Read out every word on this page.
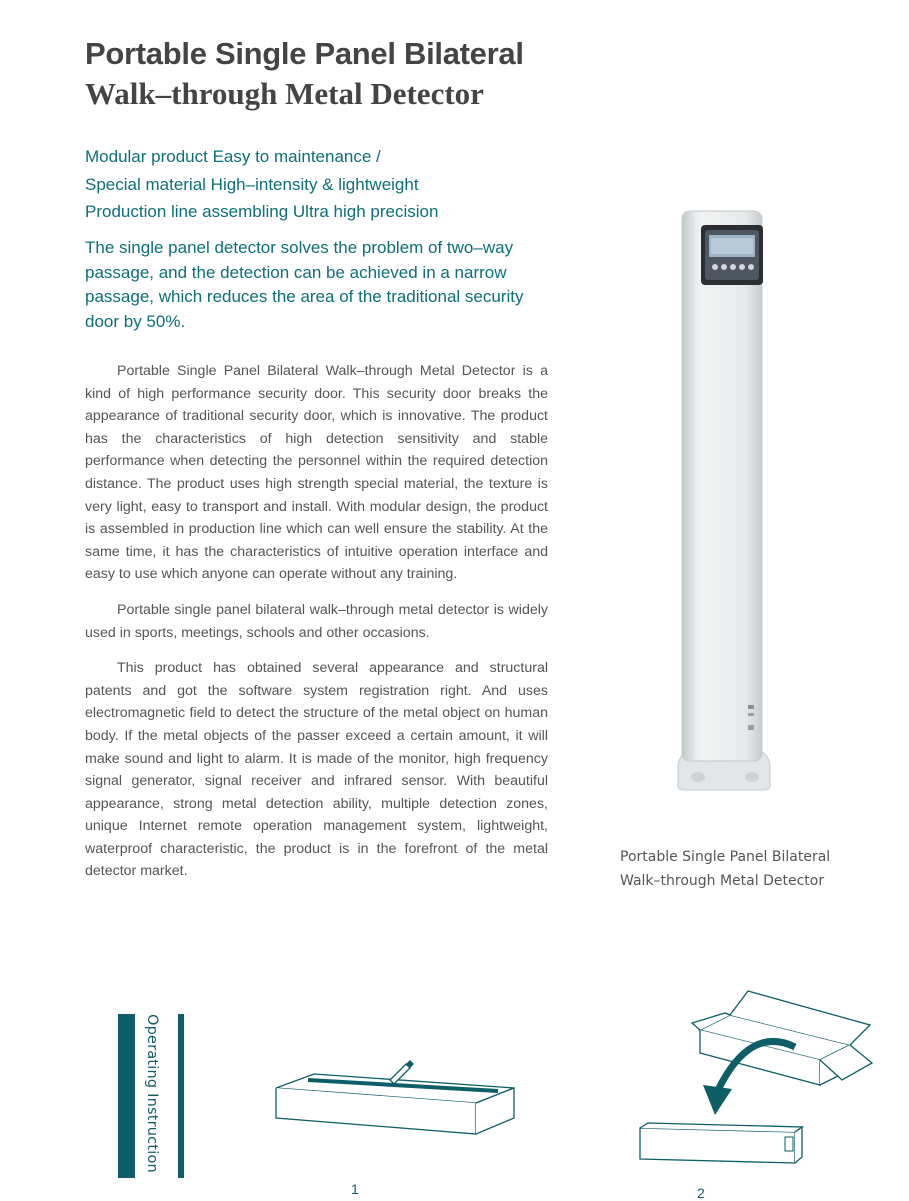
Portable Single Panel Bilateral
Walk–through Metal Detector
Modular product Easy to maintenance /
Special material High–intensity & lightweight
Production line assembling Ultra high precision

The single panel detector solves the problem of two–way passage, and the detection can be achieved in a narrow passage, which reduces the area of the traditional security door by 50%.

Portable Single Panel Bilateral Walk–through Metal Detector is a kind of high performance security door. This security door breaks the appearance of traditional security door, which is innovative. The product has the characteristics of high detection sensitivity and stable performance when detecting the personnel within the required detection distance. The product uses high strength special material, the texture is very light, easy to transport and install. With modular design, the product is assembled in production line which can well ensure the stability. At the same time, it has the characteristics of intuitive operation interface and easy to use which anyone can operate without any training.

Portable single panel bilateral walk–through metal detector is widely used in sports, meetings, schools and other occasions.

This product has obtained several appearance and structural patents and got the software system registration right. And uses electromagnetic field to detect the structure of the metal object on human body. If the metal objects of the passer exceed a certain amount, it will make sound and light to alarm. It is made of the monitor, high frequency signal generator, signal receiver and infrared sensor. With beautiful appearance, strong metal detection ability, multiple detection zones, unique Internet remote operation management system, lightweight, waterproof characteristic, the product is in the forefront of the metal detector market.

Portable Single Panel Bilateral
Walk–through Metal Detector
Operating Instruction
1	2
